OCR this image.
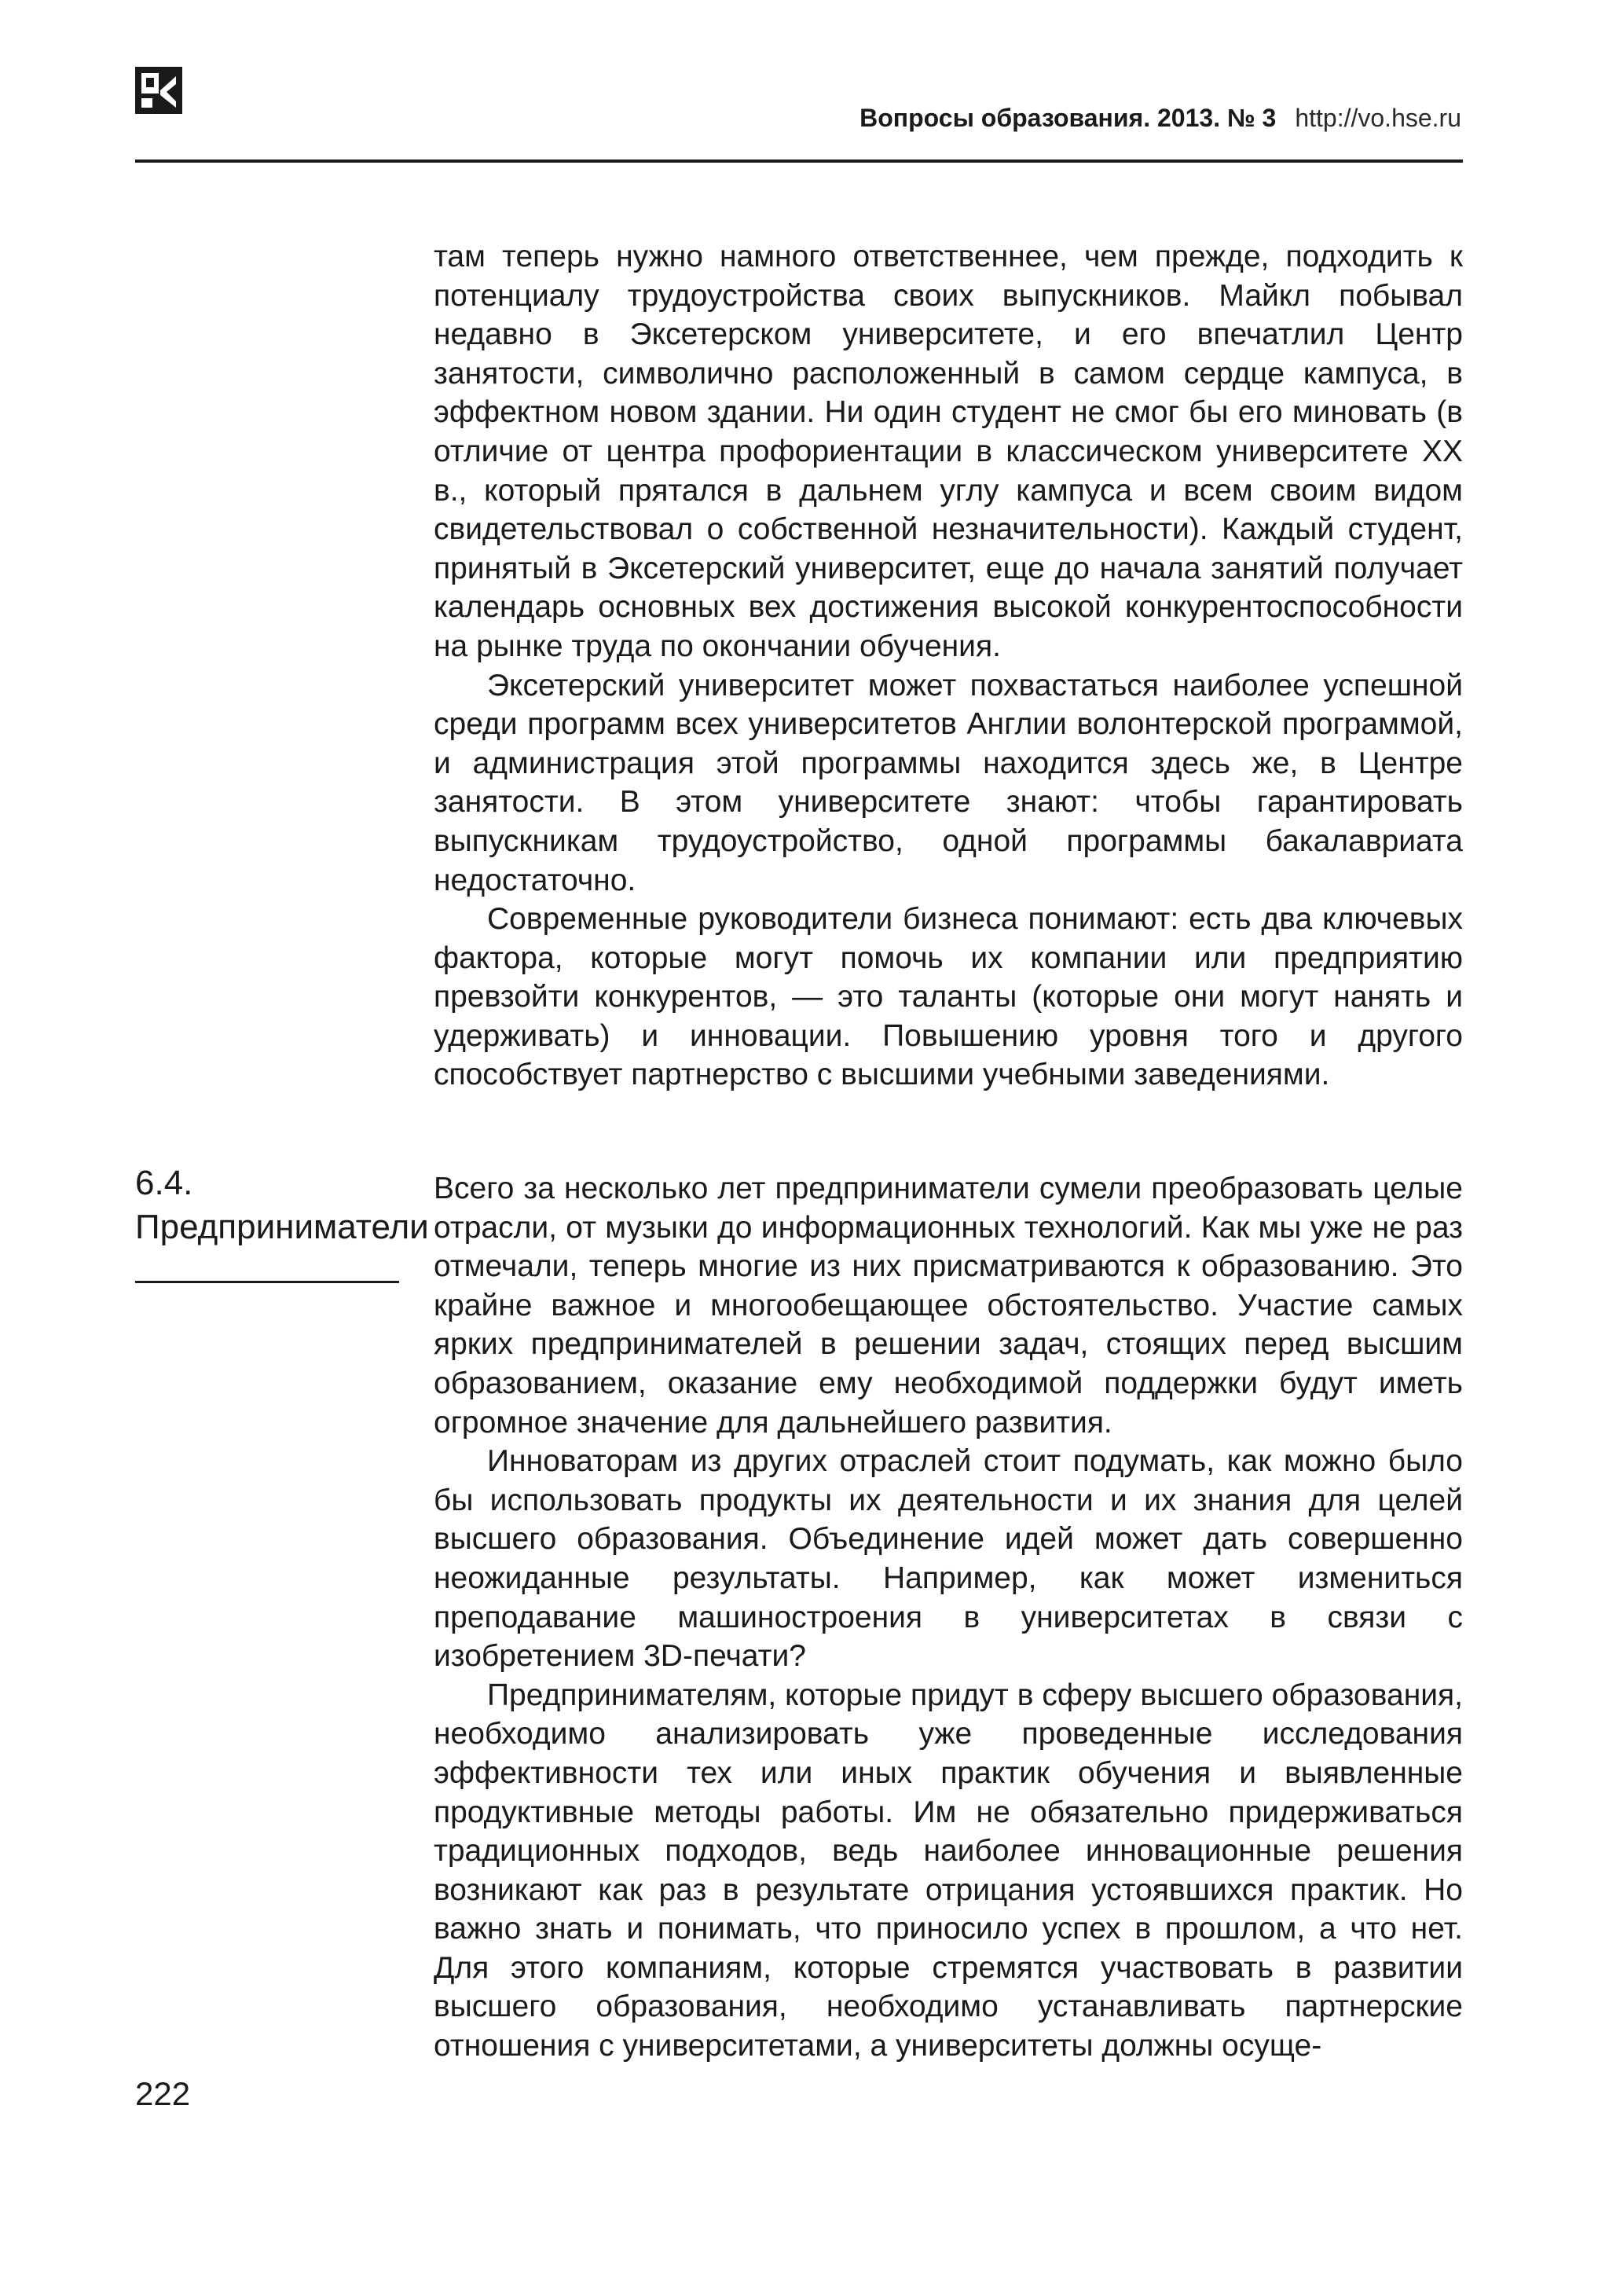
Вопросы образования. 2013. № 3 http://vo.hse.ru

там теперь нужно намного ответственнее, чем прежде, подходить к потенциалу трудоустройства своих выпускников. Майкл побывал недавно в Эксетерском университете, и его впечатлил Центр занятости, символично расположенный в самом сердце кампуса, в эффектном новом здании. Ни один студент не смог бы его миновать (в отличие от центра профориентации в классическом университете XX в., который прятался в дальнем углу кампуса и всем своим видом свидетельствовал о собственной незначительности). Каждый студент, принятый в Эксетерский университет, еще до начала занятий получает календарь основных вех достижения высокой конкурентоспособности на рынке труда по окончании обучения.

Эксетерский университет может похвастаться наиболее успешной среди программ всех университетов Англии волонтерской программой, и администрация этой программы находится здесь же, в Центре занятости. В этом университете знают: чтобы гарантировать выпускникам трудоустройство, одной программы бакалавриата недостаточно.

Современные руководители бизнеса понимают: есть два ключевых фактора, которые могут помочь их компании или предприятию превзойти конкурентов, — это таланты (которые они могут нанять и удерживать) и инновации. Повышению уровня того и другого способствует партнерство с высшими учебными заведениями.

6.4. Предприниматели

Всего за несколько лет предприниматели сумели преобразовать целые отрасли, от музыки до информационных технологий. Как мы уже не раз отмечали, теперь многие из них присматриваются к образованию. Это крайне важное и многообещающее обстоятельство. Участие самых ярких предпринимателей в решении задач, стоящих перед высшим образованием, оказание ему необходимой поддержки будут иметь огромное значение для дальнейшего развития.

Инноваторам из других отраслей стоит подумать, как можно было бы использовать продукты их деятельности и их знания для целей высшего образования. Объединение идей может дать совершенно неожиданные результаты. Например, как может измениться преподавание машиностроения в университетах в связи с изобретением 3D-печати?

Предпринимателям, которые придут в сферу высшего образования, необходимо анализировать уже проведенные исследования эффективности тех или иных практик обучения и выявленные продуктивные методы работы. Им не обязательно придерживаться традиционных подходов, ведь наиболее инновационные решения возникают как раз в результате отрицания устоявшихся практик. Но важно знать и понимать, что приносило успех в прошлом, а что нет. Для этого компаниям, которые стремятся участвовать в развитии высшего образования, необходимо устанавливать партнерские отношения с университетами, а университеты должны осуще-

222
